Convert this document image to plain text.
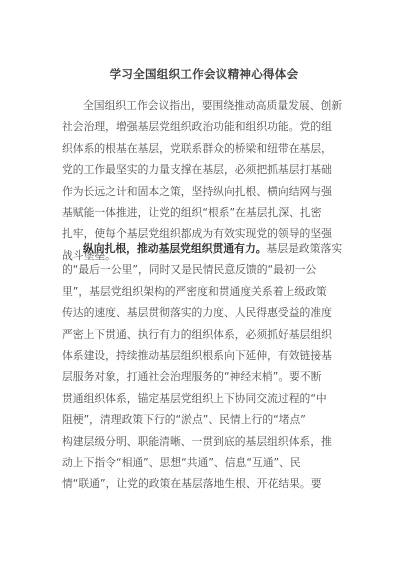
学习全国组织工作会议精神心得体会
全国组织工作会议指出，要围绕推动高质量发展、创新
社会治理，增强基层党组织政治功能和组织功能。党的组
织体系的根基在基层，党联系群众的桥梁和纽带在基层，
党的工作最坚实的力量支撑在基层，必须把抓基层打基础
作为长远之计和固本之策，坚持纵向扎根、横向结网与强
基赋能一体推进，让党的组织“根系”在基层扎深、扎密
扎牢，使每个基层党组织都成为有效实现党的领导的坚强
战斗堡垒。
纵向扎根，推动基层党组织贯通有力。基层是政策落实
的“最后一公里”，同时又是民情民意反馈的“最初一公
里”，基层党组织架构的严密度和贯通度关系着上级政策
传达的速度、基层贯彻落实的力度、人民得惠受益的准度
严密上下贯通、执行有力的组织体系，必须抓好基层组织
体系建设，持续推动基层组织根系向下延伸，有效链接基
层服务对象，打通社会治理服务的“神经末梢”。要不断
贯通组织体系，锚定基层党组织上下协同交流过程的“中
阻梗”，清理政策下行的“淤点”、民情上行的“堵点”
构建层级分明、职能清晰、一贯到底的基层组织体系，推
动上下指令“相通”、思想“共通”、信息“互通”、民
情“联通”，让党的政策在基层落地生根、开花结果。要
